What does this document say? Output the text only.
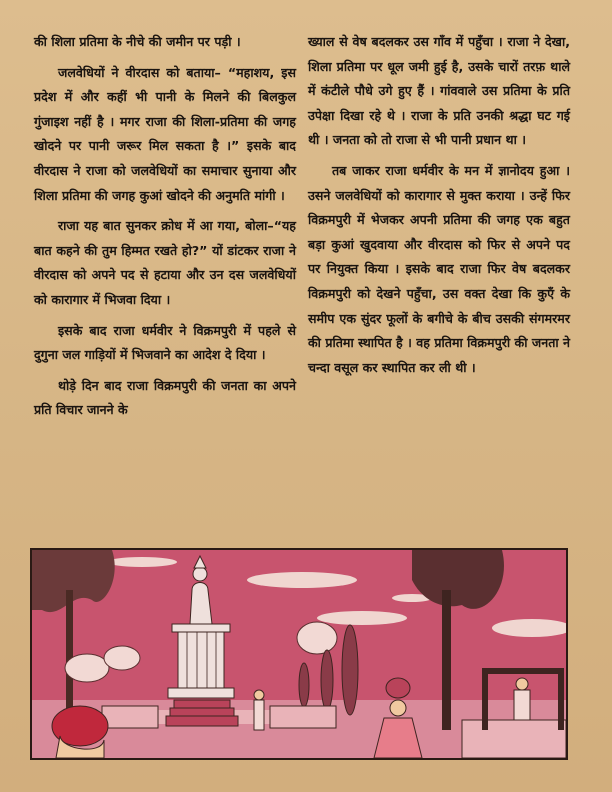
की शिला प्रतिमा के नीचे की जमीन पर पड़ी ।

जलवेधियों ने वीरदास को बताया– “महाशय, इस प्रदेश में और कहीं भी पानी के मिलने की बिलकुल गुंजाइश नहीं है । मगर राजा की शिला-प्रतिमा की जगह खोदने पर पानी जरूर मिल सकता है ।” इसके बाद वीरदास ने राजा को जलवेधियों का समाचार सुनाया और शिला प्रतिमा की जगह कुआं खोदने की अनुमति मांगी ।

राजा यह बात सुनकर क्रोध में आ गया, बोला–“यह बात कहने की तुम हिम्मत रखते हो?” यों डांटकर राजा ने वीरदास को अपने पद से हटाया और उन दस जलवेधियों को कारागार में भिजवा दिया ।

इसके बाद राजा धर्मवीर ने विक्रमपुरी में पहले से दुगुना जल गाड़ियों में भिजवाने का आदेश दे दिया ।

थोड़े दिन बाद राजा विक्रमपुरी की जनता का अपने प्रति विचार जानने के

ख्याल से वेष बदलकर उस गाँव में पहुँचा । राजा ने देखा, शिला प्रतिमा पर धूल जमी हुई है, उसके चारों तरफ़ थाले में कंटीले पौधे उगे हुए हैं । गांववाले उस प्रतिमा के प्रति उपेक्षा दिखा रहे थे । राजा के प्रति उनकी श्रद्धा घट गई थी । जनता को तो राजा से भी पानी प्रधान था ।

तब जाकर राजा धर्मवीर के मन में ज्ञानोदय हुआ । उसने जलवेधियों को कारागार से मुक्त कराया । उन्हें फिर विक्रमपुरी में भेजकर अपनी प्रतिमा की जगह एक बहुत बड़ा कुआं खुदवाया और वीरदास को फिर से अपने पद पर नियुक्त किया । इसके बाद राजा फिर वेष बदलकर विक्रमपुरी को देखने पहुँचा, उस वक्त देखा कि कुएँ के समीप एक सुंदर फूलों के बगीचे के बीच उसकी संगमरमर की प्रतिमा स्थापित है । वह प्रतिमा विक्रमपुरी की जनता ने चन्दा वसूल कर स्थापित कर ली थी ।
